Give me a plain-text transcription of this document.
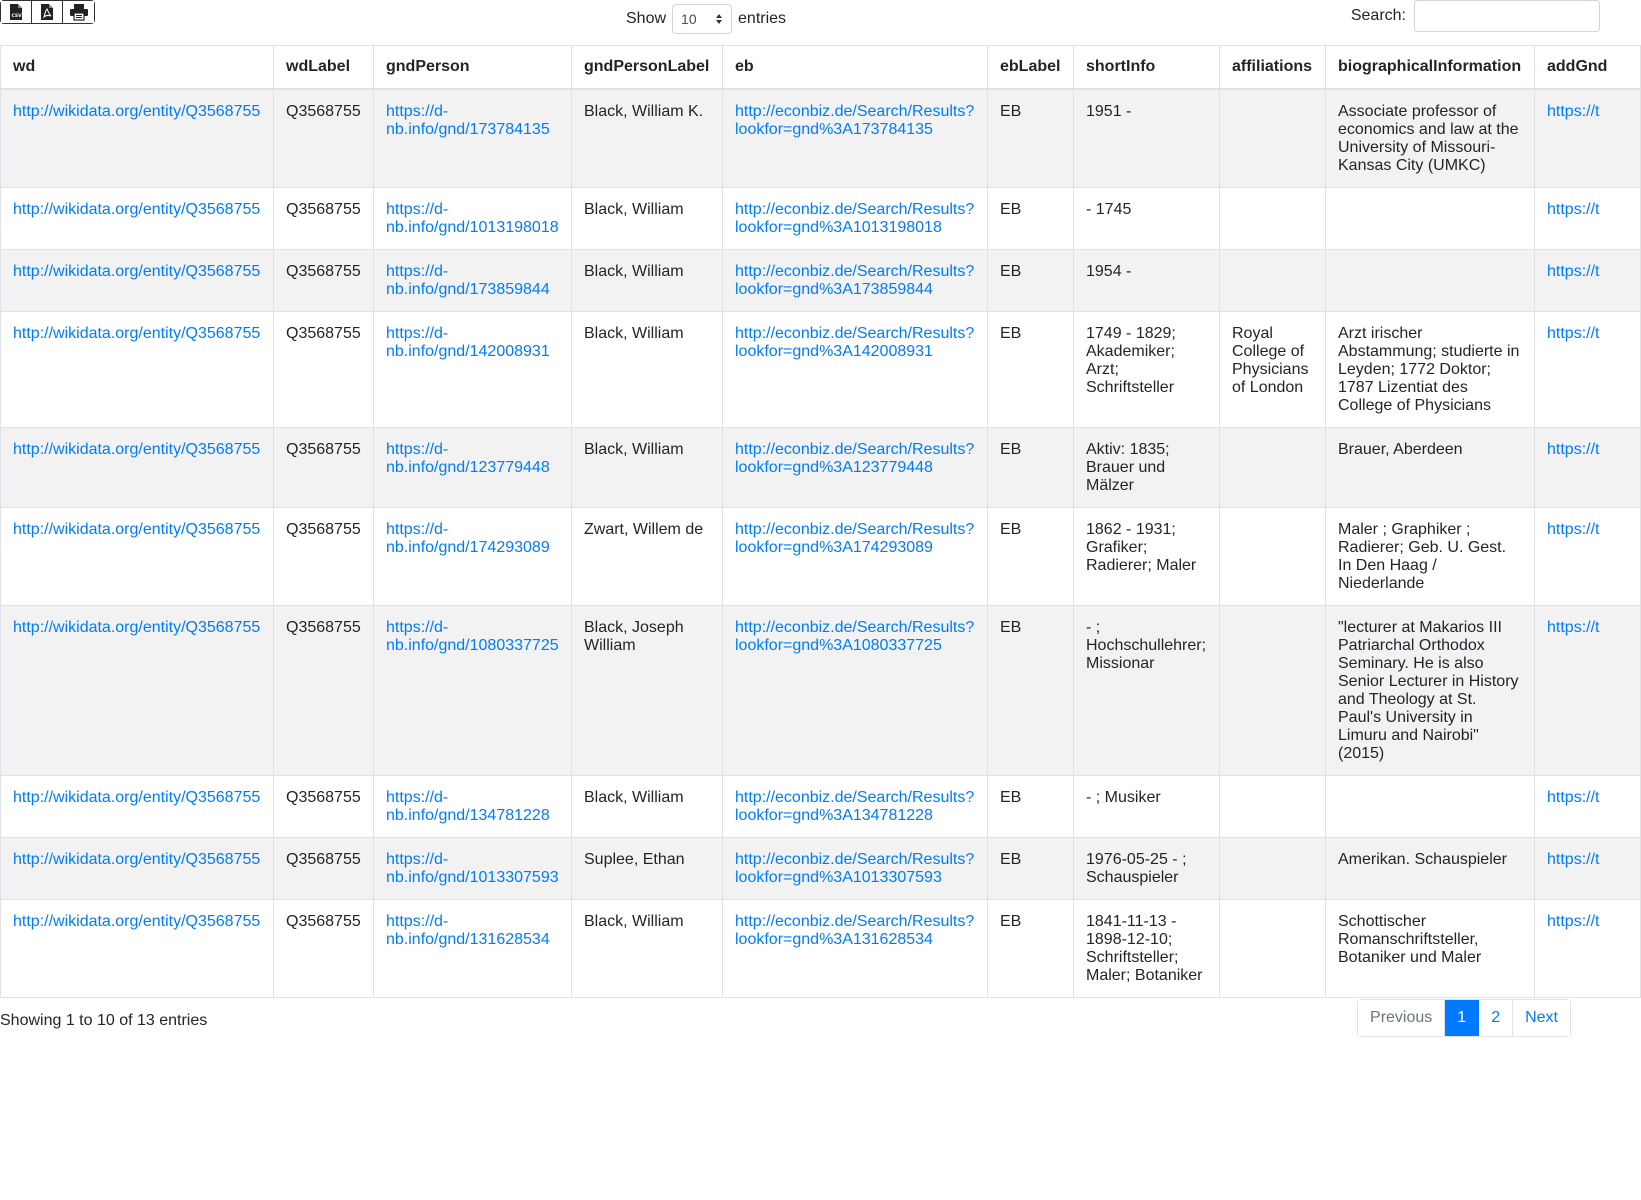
CSV	Show 10	entries	Search:
wd	wdLabel	gndPerson	gndPersonLabel	eb	ebLabel	shortInfo	affiliations	biographicalInformation	addGnd
http://wikidata.org/entity/Q3568755	Q3568755	https://d-nb.info/gnd/173784135	Black, William K.	http://econbiz.de/Search/Results?lookfor=gnd%3A173784135	EB	1951 -		Associate professor of economics and law at the University of Missouri-Kansas City (UMKC)	https://t
http://wikidata.org/entity/Q3568755	Q3568755	https://d-nb.info/gnd/1013198018	Black, William	http://econbiz.de/Search/Results?lookfor=gnd%3A1013198018	EB	- 1745			https://t
http://wikidata.org/entity/Q3568755	Q3568755	https://d-nb.info/gnd/173859844	Black, William	http://econbiz.de/Search/Results?lookfor=gnd%3A173859844	EB	1954 -			https://t
http://wikidata.org/entity/Q3568755	Q3568755	https://d-nb.info/gnd/142008931	Black, William	http://econbiz.de/Search/Results?lookfor=gnd%3A142008931	EB	1749 - 1829; Akademiker; Arzt; Schriftsteller	Royal College of Physicians of London	Arzt irischer Abstammung; studierte in Leyden; 1772 Doktor; 1787 Lizentiat des College of Physicians	https://t
http://wikidata.org/entity/Q3568755	Q3568755	https://d-nb.info/gnd/123779448	Black, William	http://econbiz.de/Search/Results?lookfor=gnd%3A123779448	EB	Aktiv: 1835; Brauer und Mälzer		Brauer, Aberdeen	https://t
http://wikidata.org/entity/Q3568755	Q3568755	https://d-nb.info/gnd/174293089	Zwart, Willem de	http://econbiz.de/Search/Results?lookfor=gnd%3A174293089	EB	1862 - 1931; Grafiker; Radierer; Maler		Maler ; Graphiker ; Radierer; Geb. U. Gest. In Den Haag / Niederlande	https://t
http://wikidata.org/entity/Q3568755	Q3568755	https://d-nb.info/gnd/1080337725	Black, Joseph William	http://econbiz.de/Search/Results?lookfor=gnd%3A1080337725	EB	- ; Hochschullehrer; Missionar		"lecturer at Makarios III Patriarchal Orthodox Seminary. He is also Senior Lecturer in History and Theology at St. Paul's University in Limuru and Nairobi" (2015)	https://t
http://wikidata.org/entity/Q3568755	Q3568755	https://d-nb.info/gnd/134781228	Black, William	http://econbiz.de/Search/Results?lookfor=gnd%3A134781228	EB	- ; Musiker			https://t
http://wikidata.org/entity/Q3568755	Q3568755	https://d-nb.info/gnd/1013307593	Suplee, Ethan	http://econbiz.de/Search/Results?lookfor=gnd%3A1013307593	EB	1976-05-25 - ; Schauspieler		Amerikan. Schauspieler	https://t
http://wikidata.org/entity/Q3568755	Q3568755	https://d-nb.info/gnd/131628534	Black, William	http://econbiz.de/Search/Results?lookfor=gnd%3A131628534	EB	1841-11-13 - 1898-12-10; Schriftsteller; Maler; Botaniker		Schottischer Romanschriftsteller, Botaniker und Maler	https://t
Showing 1 to 10 of 13 entries	Previous	1	2	Next
